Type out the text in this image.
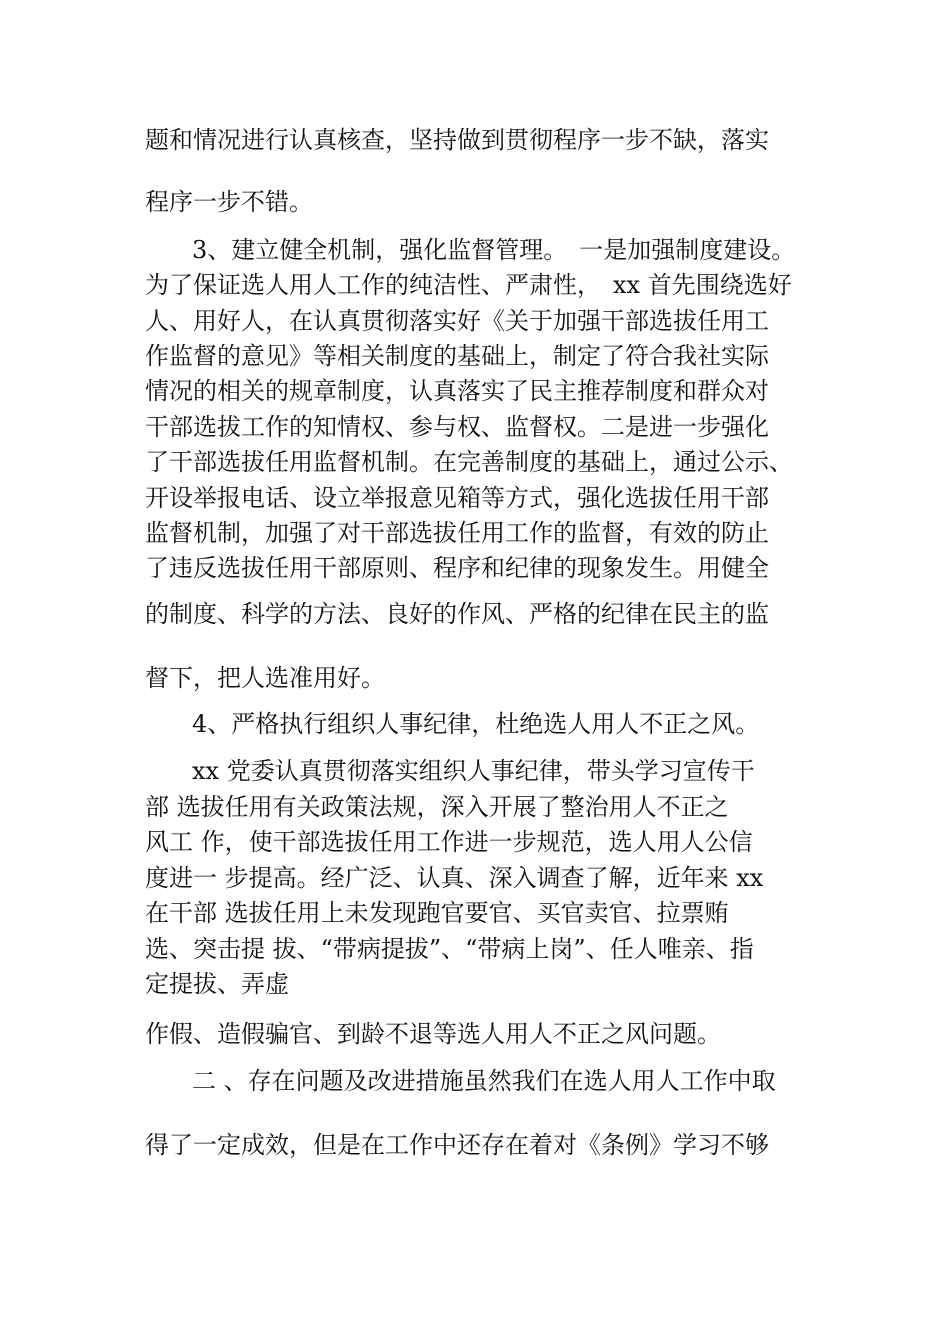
题和情况进行认真核查，坚持做到贯彻程序一步不缺，落实
程序一步不错。
3、建立健全机制，强化监督管理。　一是加强制度建设。
为了保证选人用人工作的纯洁性、严肃性，　xx 首先围绕选好
人、用好人，在认真贯彻落实好《关于加强干部选拔任用工
作监督的意见》等相关制度的基础上，制定了符合我社实际
情况的相关的规章制度，认真落实了民主推荐制度和群众对
干部选拔工作的知情权、参与权、监督权。二是进一步强化
了干部选拔任用监督机制。在完善制度的基础上，通过公示、
开设举报电话、设立举报意见箱等方式，强化选拔任用干部
监督机制，加强了对干部选拔任用工作的监督，有效的防止
了违反选拔任用干部原则、程序和纪律的现象发生。用健全
的制度、科学的方法、良好的作风、严格的纪律在民主的监
督下，把人选准用好。
4、严格执行组织人事纪律，杜绝选人用人不正之风。
xx 党委认真贯彻落实组织人事纪律，带头学习宣传干
部 选拔任用有关政策法规，深入开展了整治用人不正之
风工 作，使干部选拔任用工作进一步规范，选人用人公信
度进一 步提高。经广泛、认真、深入调查了解，近年来 xx
在干部 选拔任用上未发现跑官要官、买官卖官、拉票贿
选、突击提 拔、“带病提拔”、“带病上岗”、任人唯亲、指
定提拔、弄虚
作假、造假骗官、到龄不退等选人用人不正之风问题。
二 、存在问题及改进措施虽然我们在选人用人工作中取
得了一定成效，但是在工作中还存在着对《条例》学习不够
